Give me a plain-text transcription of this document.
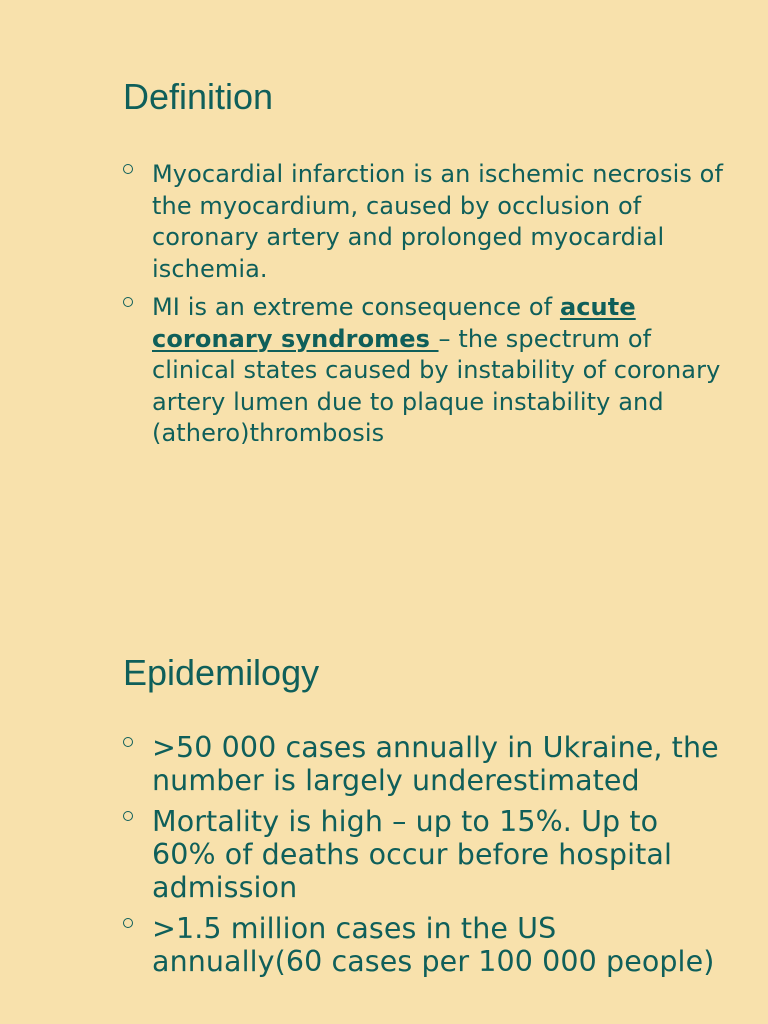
Definition
Myocardial infarction is an ischemic necrosis of the myocardium, caused by occlusion of coronary artery and prolonged myocardial ischemia.
MI is an extreme consequence of acute coronary syndromes – the spectrum of clinical states caused by instability of coronary artery lumen due to plaque instability and (athero)thrombosis
Epidemilogy
>50 000 cases annually in Ukraine, the number is largely underestimated
Mortality is high – up to 15%. Up to 60% of deaths occur before hospital admission
>1.5 million cases in the US annually(60 cases per 100 000 people)
